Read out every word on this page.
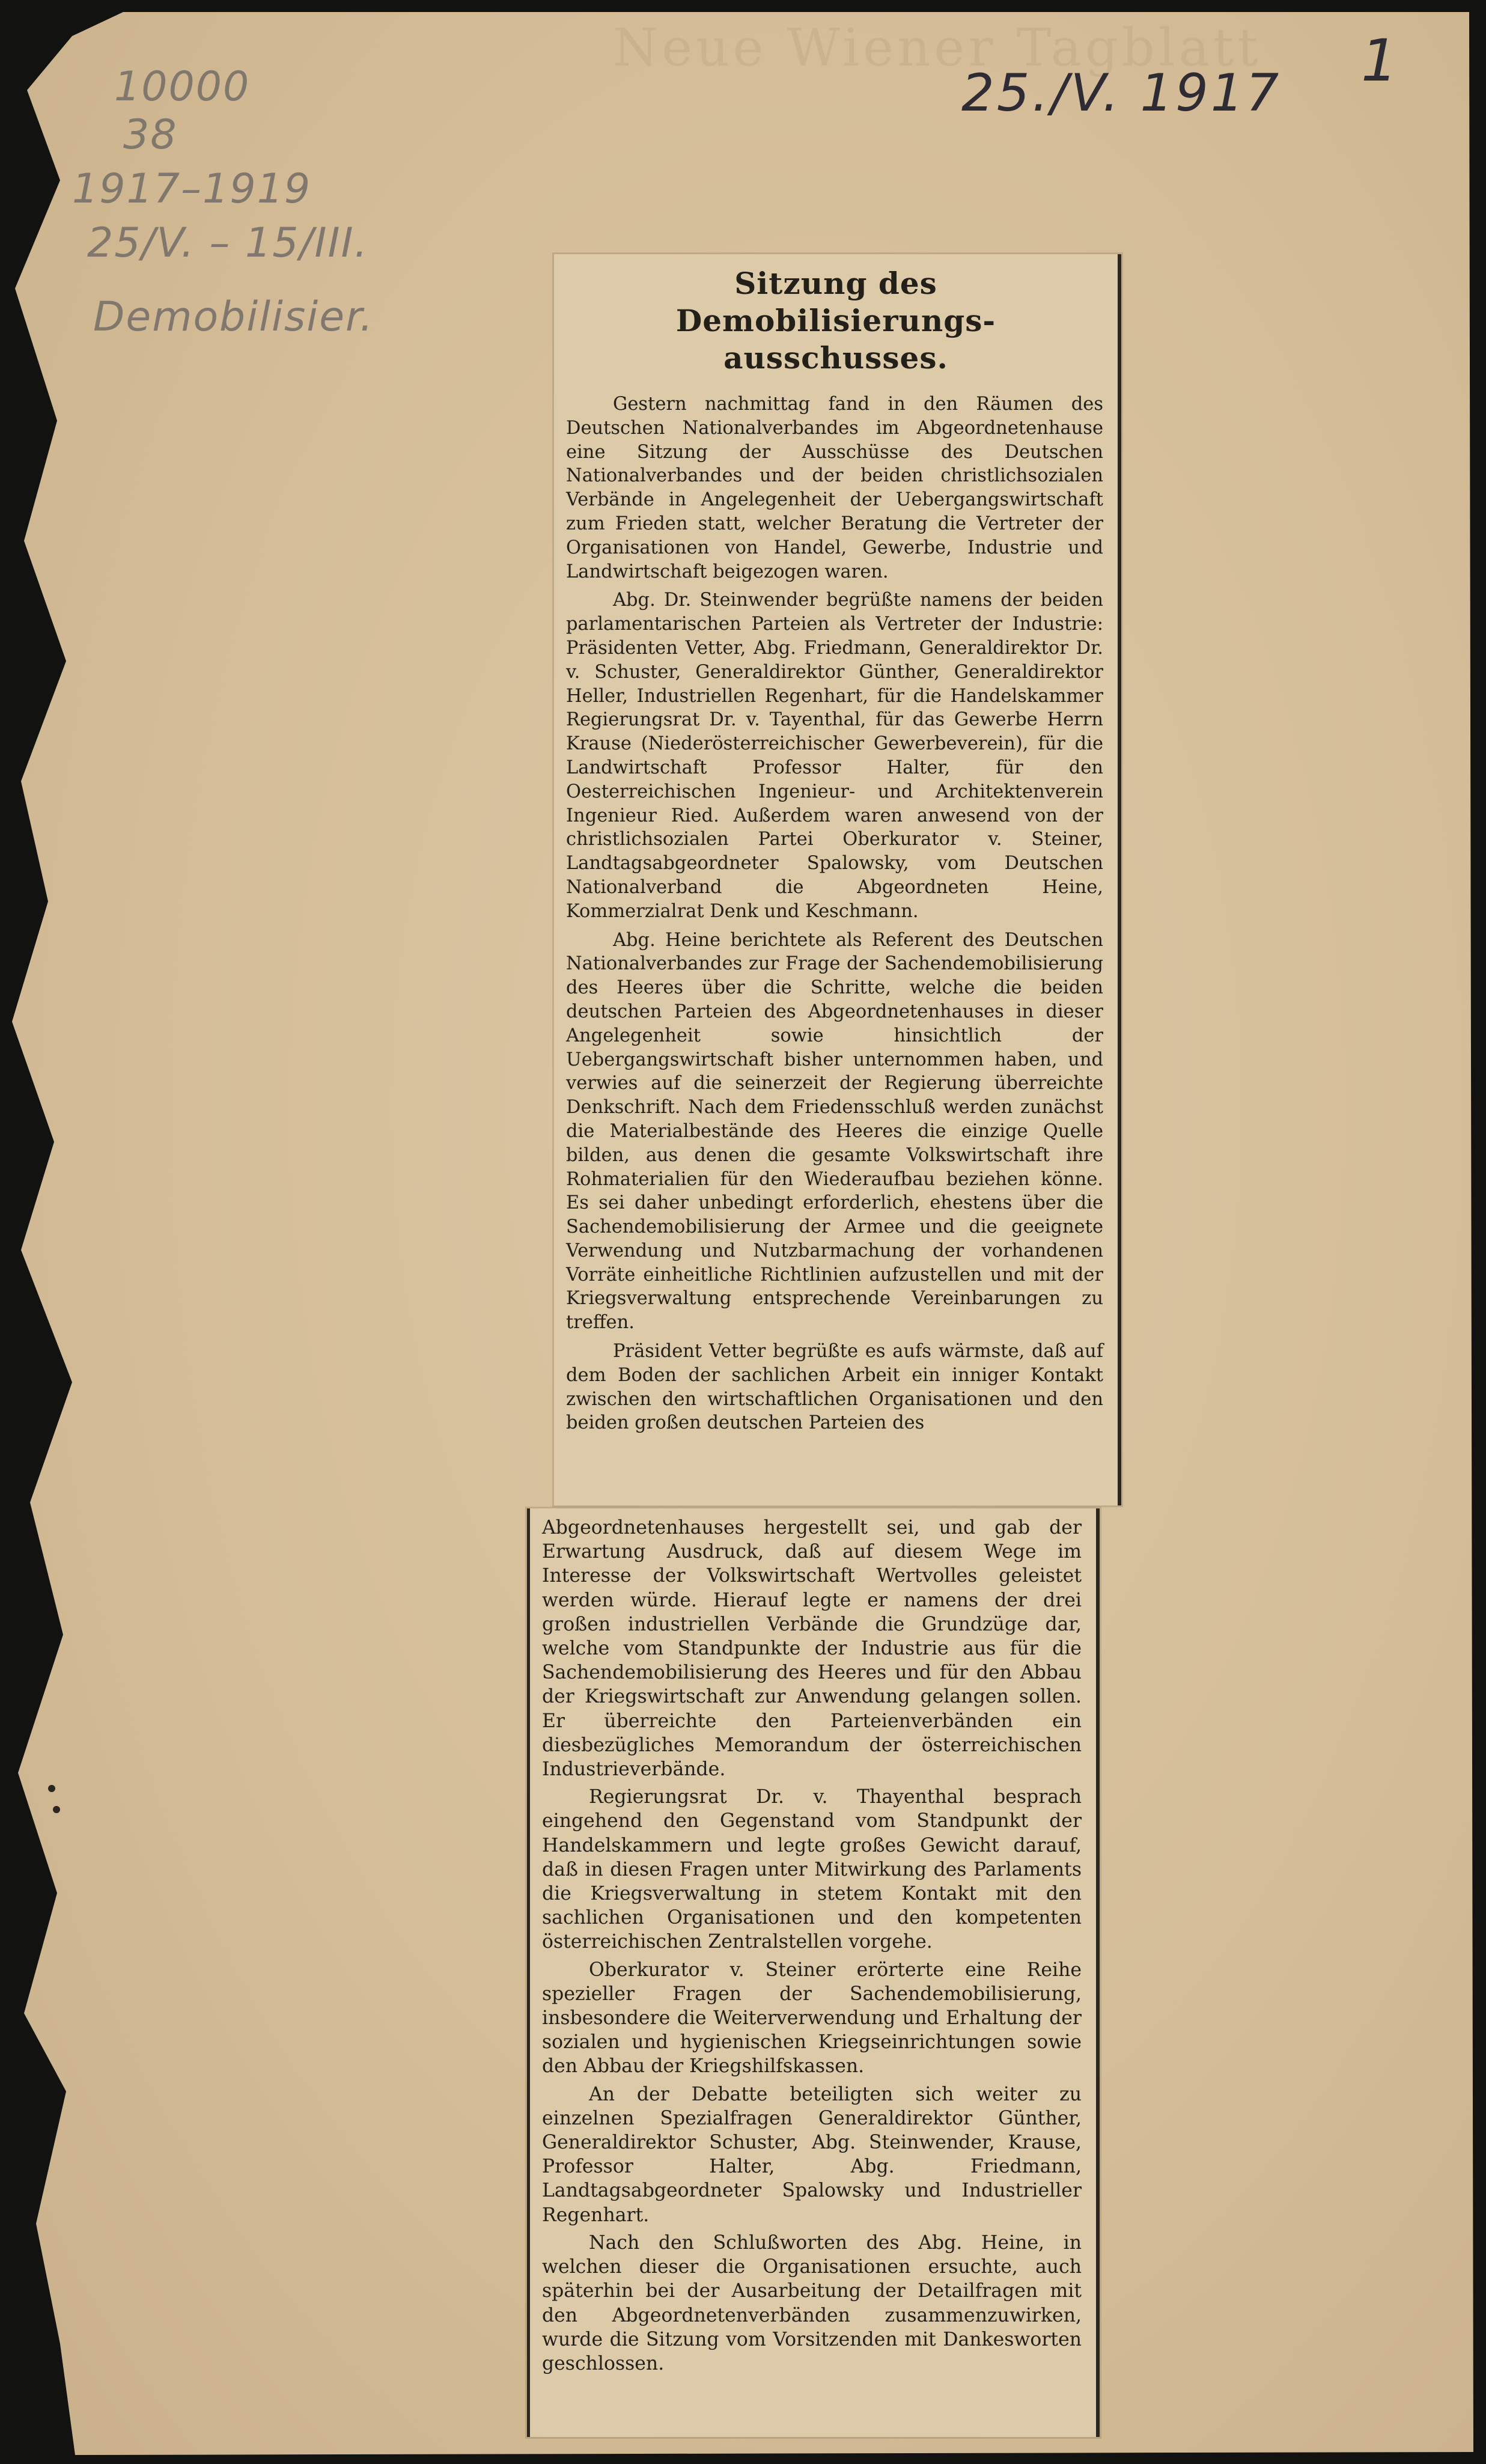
Neue Wiener Tagblatt
10000
38
1917–1919
25/V. – 15/III.
Demobilisier.
25./V. 1917 1
Sitzung des Demobilisierungs-ausschusses.

Gestern nachmittag fand in den Räumen des Deutschen Nationalverbandes im Abgeordnetenhause eine Sitzung der Ausschüsse des Deutschen Nationalverbandes und der beiden christlichsozialen Verbände in Angelegenheit der Uebergangswirtschaft zum Frieden statt, welcher Beratung die Vertreter der Organisationen von Handel, Gewerbe, Industrie und Landwirtschaft beigezogen waren.

Abg. Dr. Steinwender begrüßte namens der beiden parlamentarischen Parteien als Vertreter der Industrie: Präsidenten Vetter, Abg. Friedmann, Generaldirektor Dr. v. Schuster, Generaldirektor Günther, Generaldirektor Heller, Industriellen Regenhart, für die Handelskammer Regierungsrat Dr. v. Tayenthal, für das Gewerbe Herrn Krause (Niederösterreichischer Gewerbeverein), für die Landwirtschaft Professor Halter, für den Oesterreichischen Ingenieur- und Architektenverein Ingenieur Ried. Außerdem waren anwesend von der christlichsozialen Partei Oberkurator v. Steiner, Landtagsabgeordneter Spalowsky, vom Deutschen Nationalverband die Abgeordneten Heine, Kommerzialrat Denk und Keschmann.

Abg. Heine berichtete als Referent des Deutschen Nationalverbandes zur Frage der Sachendemobilisierung des Heeres über die Schritte, welche die beiden deutschen Parteien des Abgeordnetenhauses in dieser Angelegenheit sowie hinsichtlich der Uebergangswirtschaft bisher unternommen haben, und verwies auf die seinerzeit der Regierung überreichte Denkschrift. Nach dem Friedensschluß werden zunächst die Materialbestände des Heeres die einzige Quelle bilden, aus denen die gesamte Volkswirtschaft ihre Rohmaterialien für den Wiederaufbau beziehen könne. Es sei daher unbedingt erforderlich, ehestens über die Sachendemobilisierung der Armee und die geeignete Verwendung und Nutzbarmachung der vorhandenen Vorräte einheitliche Richtlinien aufzustellen und mit der Kriegsverwaltung entsprechende Vereinbarungen zu treffen.

Präsident Vetter begrüßte es aufs wärmste, daß auf dem Boden der sachlichen Arbeit ein inniger Kontakt zwischen den wirtschaftlichen Organisationen und den beiden großen deutschen Parteien des

Abgeordnetenhauses hergestellt sei, und gab der Erwartung Ausdruck, daß auf diesem Wege im Interesse der Volkswirtschaft Wertvolles geleistet werden würde. Hierauf legte er namens der drei großen industriellen Verbände die Grundzüge dar, welche vom Standpunkte der Industrie aus für die Sachendemobilisierung des Heeres und für den Abbau der Kriegswirtschaft zur Anwendung gelangen sollen. Er überreichte den Parteienverbänden ein diesbezügliches Memorandum der österreichischen Industrieverbände.

Regierungsrat Dr. v. Thayenthal besprach eingehend den Gegenstand vom Standpunkt der Handelskammern und legte großes Gewicht darauf, daß in diesen Fragen unter Mitwirkung des Parlaments die Kriegsverwaltung in stetem Kontakt mit den sachlichen Organisationen und den kompetenten österreichischen Zentralstellen vorgehe.

Oberkurator v. Steiner erörterte eine Reihe spezieller Fragen der Sachendemobilisierung, insbesondere die Weiterverwendung und Erhaltung der sozialen und hygienischen Kriegseinrichtungen sowie den Abbau der Kriegshilfskassen.

An der Debatte beteiligten sich weiter zu einzelnen Spezialfragen Generaldirektor Günther, Generaldirektor Schuster, Abg. Steinwender, Krause, Professor Halter, Abg. Friedmann, Landtagsabgeordneter Spalowsky und Industrieller Regenhart.

Nach den Schlußworten des Abg. Heine, in welchen dieser die Organisationen ersuchte, auch späterhin bei der Ausarbeitung der Detailfragen mit den Abgeordnetenverbänden zusammenzuwirken, wurde die Sitzung vom Vorsitzenden mit Dankesworten geschlossen.
